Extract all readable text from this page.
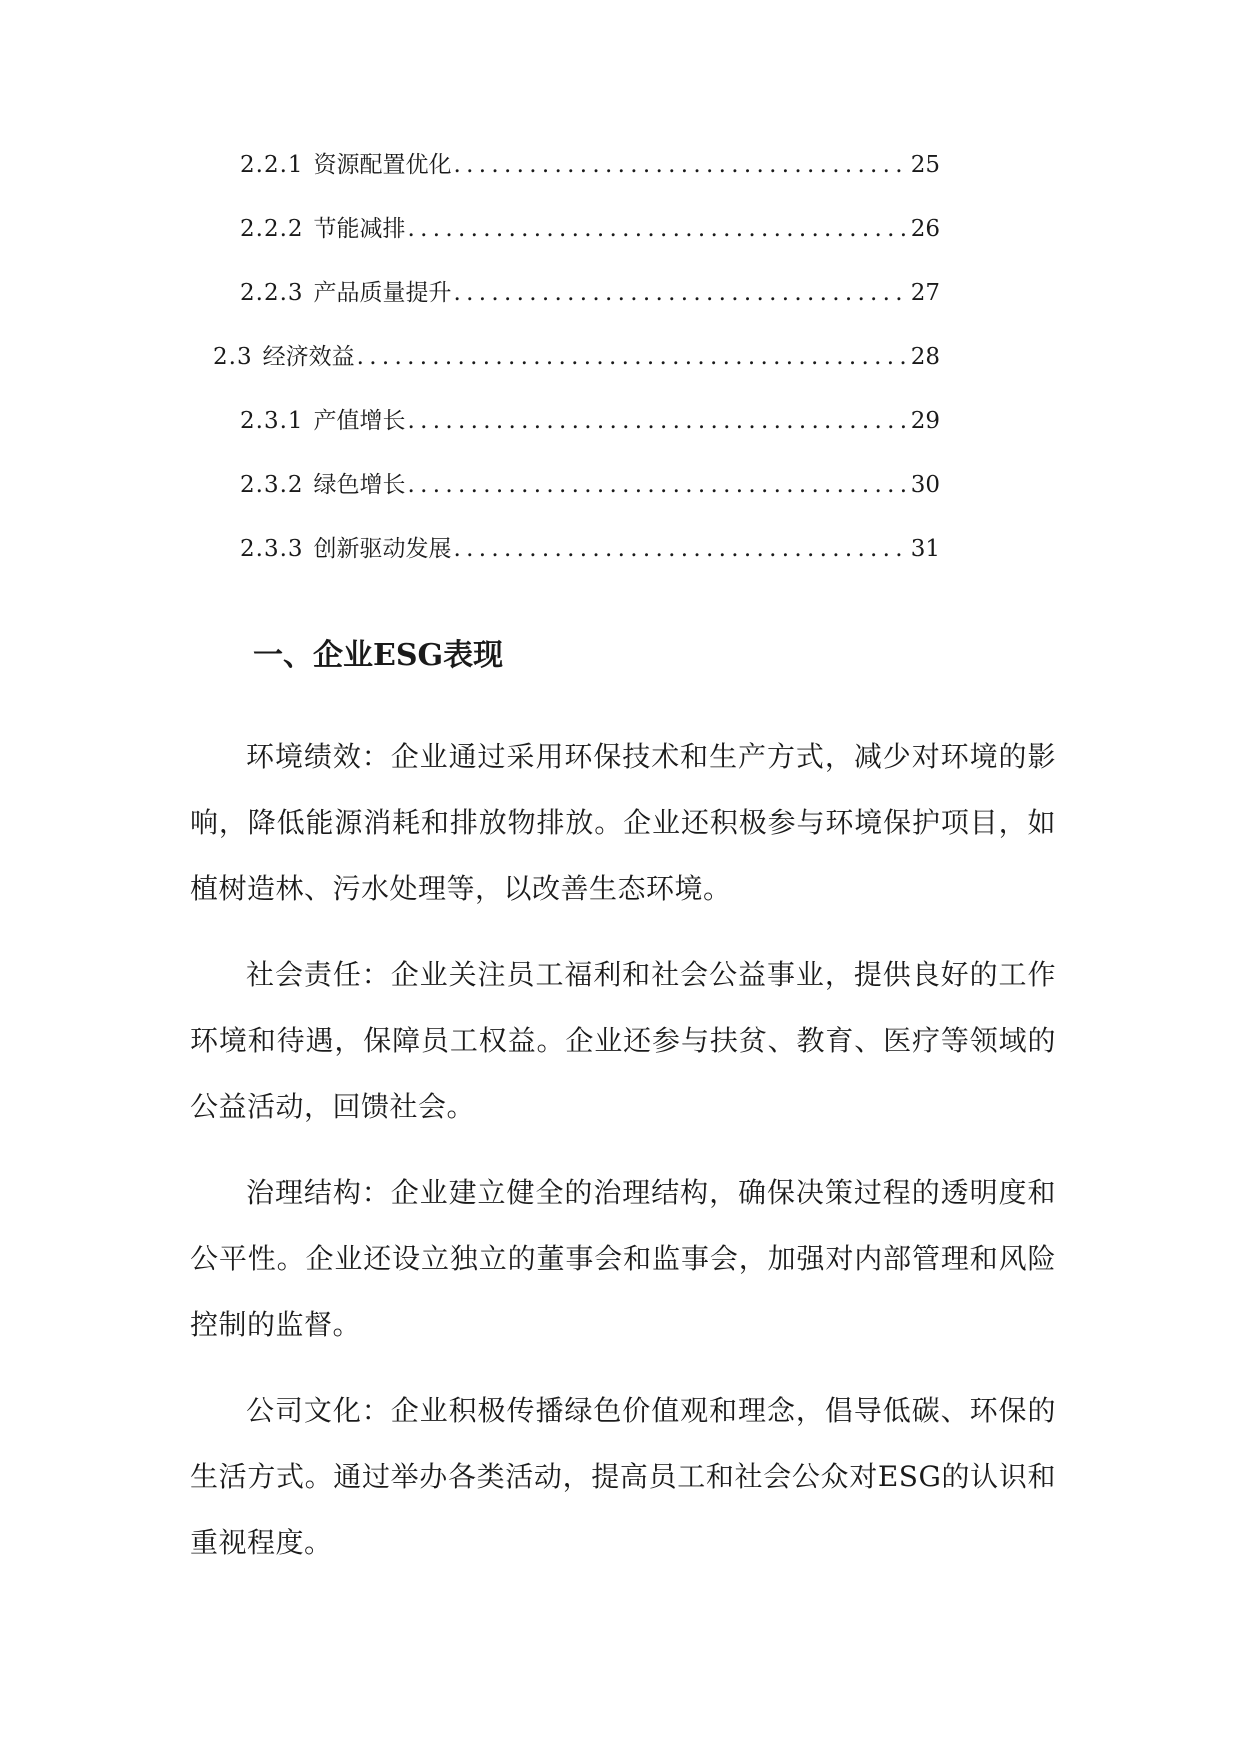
2.2.1 资源配置优化 . . .	25
2.2.2 节能减排 . . .	26
2.2.3 产品质量提升 . . .	27
2.3 经济效益 . . .	28
2.3.1 产值增长 . . .	29
2.3.2 绿色增长 . . .	30
2.3.3 创新驱动发展 . . .	31
一、企业ESG表现

环境绩效：企业通过采用环保技术和生产方式，减少对环境的影响，降低能源消耗和排放物排放。企业还积极参与环境保护项目，如植树造林、污水处理等，以改善生态环境。

社会责任：企业关注员工福利和社会公益事业，提供良好的工作环境和待遇，保障员工权益。企业还参与扶贫、教育、医疗等领域的公益活动，回馈社会。

治理结构：企业建立健全的治理结构，确保决策过程的透明度和公平性。企业还设立独立的董事会和监事会，加强对内部管理和风险控制的监督。

公司文化：企业积极传播绿色价值观和理念，倡导低碳、环保的生活方式。通过举办各类活动，提高员工和社会公众对ESG的认识和重视程度。
